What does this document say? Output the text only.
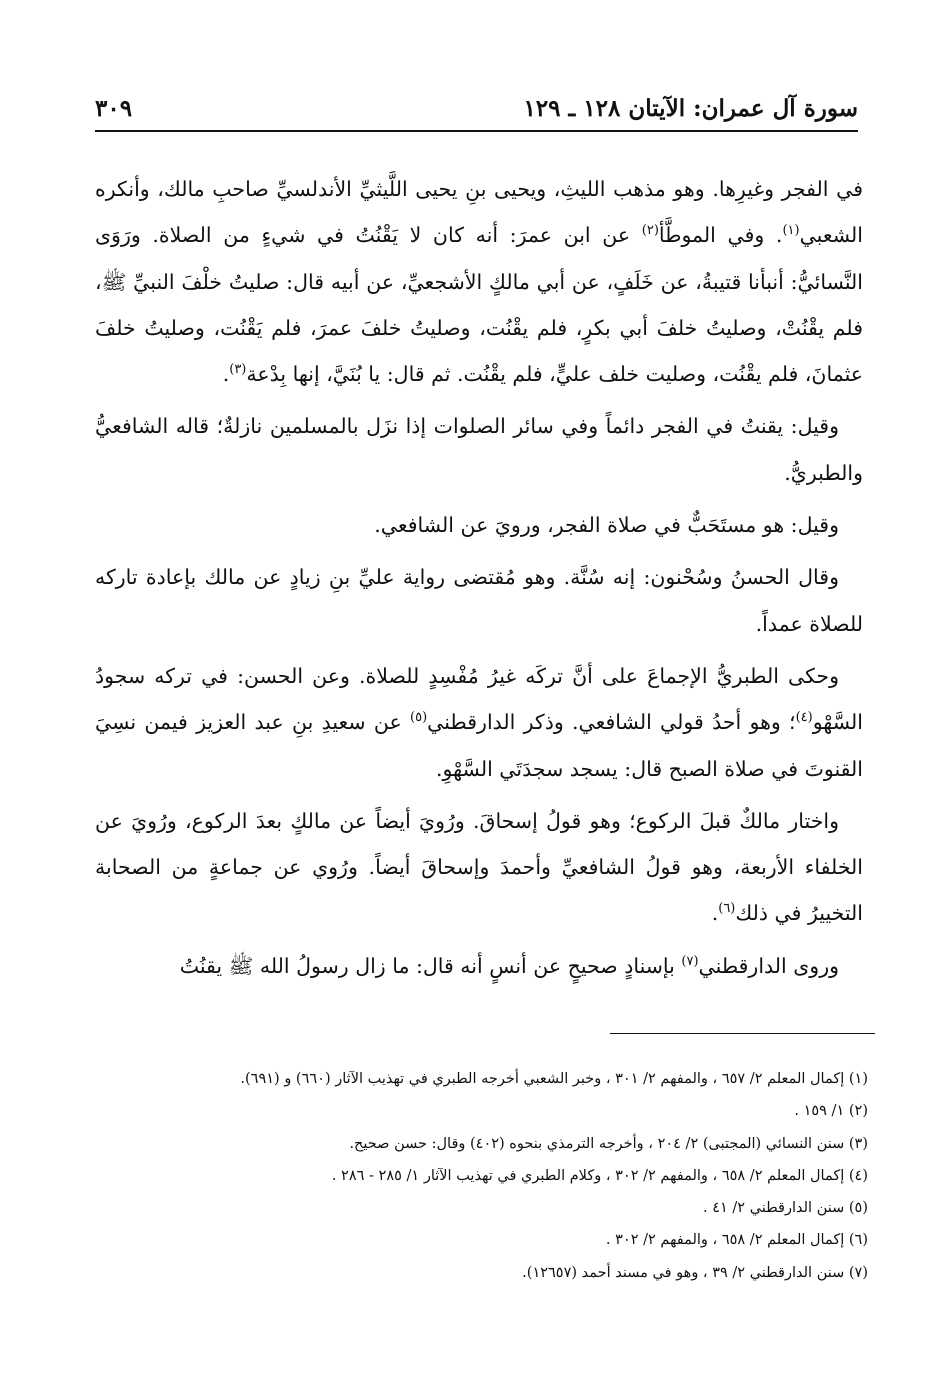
سورة آل عمران: الآيتان ١٢٨ ـ ١٢٩
٣٠٩

في الفجر وغيرِها. وهو مذهب الليثِ، ويحيى بنِ يحيى اللَّيثيِّ الأندلسيِّ صاحبِ مالك، وأنكره الشعبي$^{(١)}$. وفي الموطَّأ$^{(٢)}$ عن ابن عمرَ: أنه كان لا يَقْنُتُ في شيءٍ من الصلاة. ورَوَى النَّسائيُّ: أنبأنا قتيبةُ، عن خَلَفٍ، عن أبي مالكٍ الأشجعيِّ، عن أبيه قال: صليتُ خلْفَ النبيِّ ﷺ، فلم يقْنُتْ، وصليتُ خلفَ أبي بكرٍ، فلم يقْنُت، وصليتُ خلفَ عمرَ، فلم يَقْنُت، وصليتُ خلفَ عثمانَ، فلم يقْنُت، وصليت خلف عليٍّ، فلم يقْنُت. ثم قال: يا بُنَيَّ، إنها بِدْعة$^{(٣)}$.

وقيل: يقنتُ في الفجر دائماً وفي سائر الصلوات إذا نزَل بالمسلمين نازلةٌ؛ قاله الشافعيُّ والطبريُّ.

وقيل: هو مستَحَبٌّ في صلاة الفجر، ورويَ عن الشافعي.

وقال الحسنُ وسُحْنون: إنه سُنَّة. وهو مُقتضى رواية عليِّ بنِ زيادٍ عن مالك بإعادة تاركه للصلاة عمداً.

وحكى الطبريُّ الإجماعَ على أنَّ تركَه غيرُ مُفْسِدٍ للصلاة. وعن الحسن: في تركه سجودُ السَّهْو$^{(٤)}$؛ وهو أحدُ قولي الشافعي. وذكر الدارقطني$^{(٥)}$ عن سعيدِ بنِ عبد العزيز فيمن نسِيَ القنوتَ في صلاة الصبح قال: يسجد سجدَتَي السَّهْوِ.

واختار مالكٌ قبلَ الركوع؛ وهو قولُ إسحاقَ. ورُويَ أيضاً عن مالكٍ بعدَ الركوع، ورُويَ عن الخلفاء الأربعة، وهو قولُ الشافعيِّ وأحمدَ وإسحاقَ أيضاً. ورُوي عن جماعةٍ من الصحابة التخييرُ في ذلك$^{(٦)}$.

وروى الدارقطني$^{(٧)}$ بإسنادٍ صحيحٍ عن أنسٍ أنه قال: ما زال رسولُ الله ﷺ يقنُتُ

(١) إكمال المعلم ٢/ ٦٥٧ ، والمفهم ٢/ ٣٠١ ، وخبر الشعبي أخرجه الطبري في تهذيب الآثار (٦٦٠) و (٦٩١).

(٢) ١/ ١٥٩ .

(٣) سنن النسائي (المجتبى) ٢/ ٢٠٤ ، وأخرجه الترمذي بنحوه (٤٠٢) وقال: حسن صحيح.

(٤) إكمال المعلم ٢/ ٦٥٨ ، والمفهم ٢/ ٣٠٢ ، وكلام الطبري في تهذيب الآثار ١/ ٢٨٥ - ٢٨٦ .

(٥) سنن الدارقطني ٢/ ٤١ .

(٦) إكمال المعلم ٢/ ٦٥٨ ، والمفهم ٢/ ٣٠٢ .

(٧) سنن الدارقطني ٢/ ٣٩ ، وهو في مسند أحمد (١٢٦٥٧).
